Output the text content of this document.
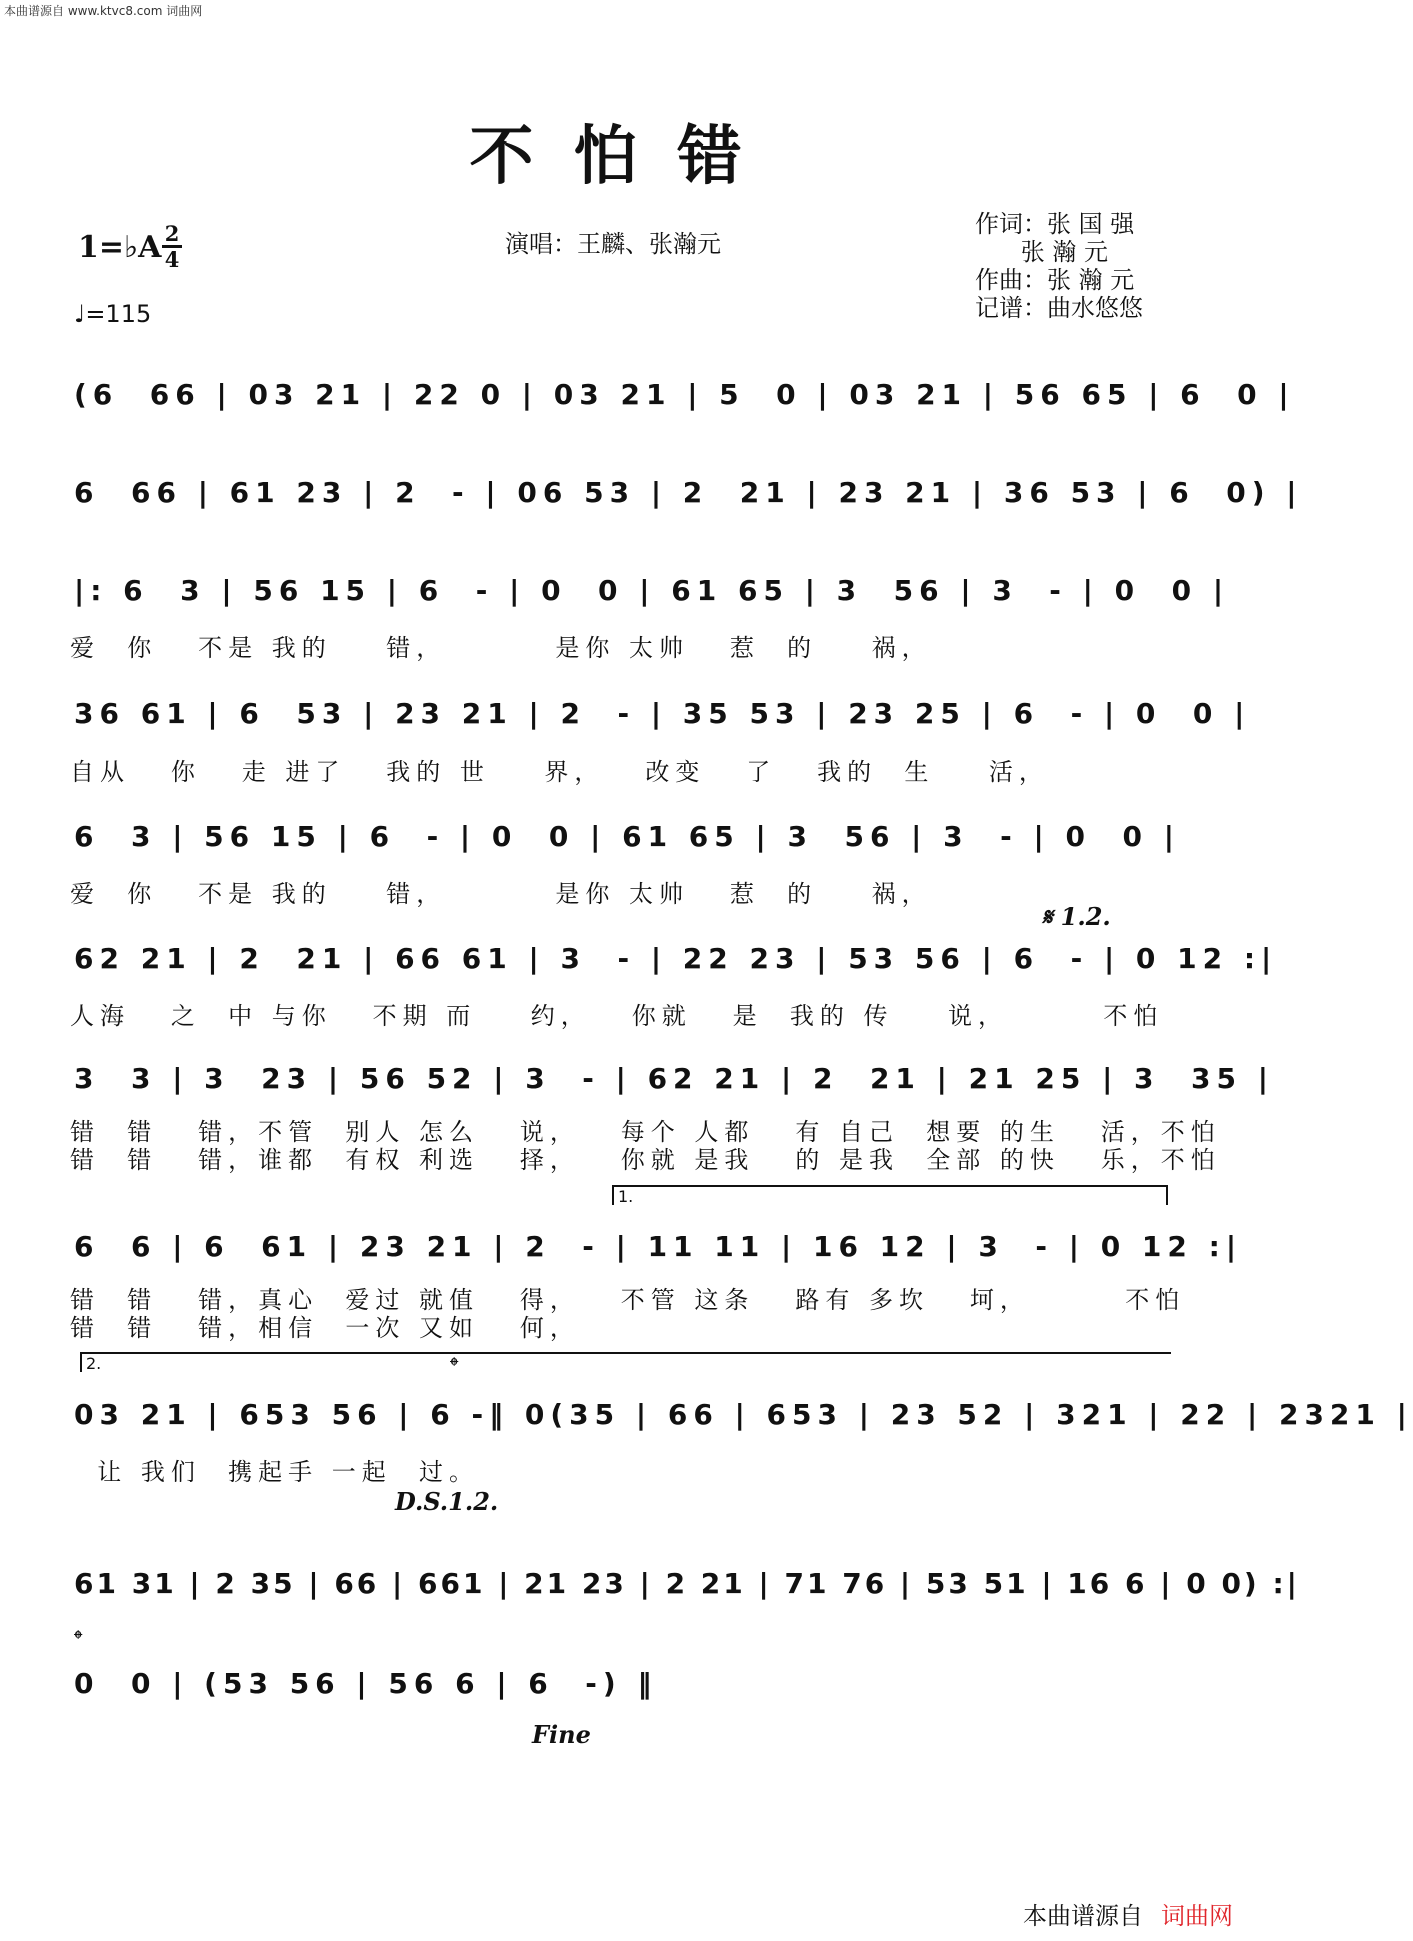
本曲谱源自 www.ktvc8.com 词曲网
不怕错
1=♭A 2
4
♩=115
演唱：王麟、张瀚元
作词：张 国 强
张 瀚 元
作曲：张 瀚 元
记谱：曲水悠悠
(6  66 | 03 21 | 22 0 | 03 21 | 5  0 | 03 21 | 56 65 | 6  0 |
6  66 | 61 23 | 2  - | 06 53 | 2  21 | 23 21 | 36 53 | 6  0) |
|: 6  3 | 56 15 | 6  - | 0  0 | 61 65 | 3  56 | 3  - | 0  0 |
爱  你   不是 我的    错，        是你 太帅   惹  的    祸，
36 61 | 6  53 | 23 21 | 2  - | 35 53 | 23 25 | 6  - | 0  0 |
自从   你   走 进了   我的 世    界，   改变   了   我的  生    活，
6  3 | 56 15 | 6  - | 0  0 | 61 65 | 3  56 | 3  - | 0  0 |
爱  你   不是 我的    错，        是你 太帅   惹  的    祸，
𝄋 1.2.
62 21 | 2  21 | 66 61 | 3  - | 22 23 | 53 56 | 6  - | 0 12 :|
人海   之  中 与你   不期 而    约，   你就   是  我的 传    说，       不怕
3  3 | 3  23 | 56 52 | 3  - | 62 21 | 2  21 | 21 25 | 3  35 |
错  错   错，不管  别人 怎么   说，   每个 人都   有 自己  想要 的生   活，不怕
错  错   错，谁都  有权 利选   择，   你就 是我   的 是我  全部 的快   乐，不怕
1.
6  6 | 6  61 | 23 21 | 2  - | 11 11 | 16 12 | 3  - | 0 12 :|
错  错   错，真心  爱过 就值   得，   不管 这条   路有 多坎   坷，       不怕
错  错   错，相信  一次 又如   何，
2.	𝄌
03 21 | 653 56 | 6 -‖ 0(35 | 66 | 653 | 23 52 | 321 | 22 | 2321 |
让 我们  携起手 一起  过。
D.S.1.2.
61 31 | 2 35 | 66 | 661 | 21 23 | 2 21 | 71 76 | 53 51 | 16 6 | 0 0) :|
𝄌
0  0 | (53 56 | 56 6 | 6  -) ‖
Fine
本曲谱源自 词曲网
